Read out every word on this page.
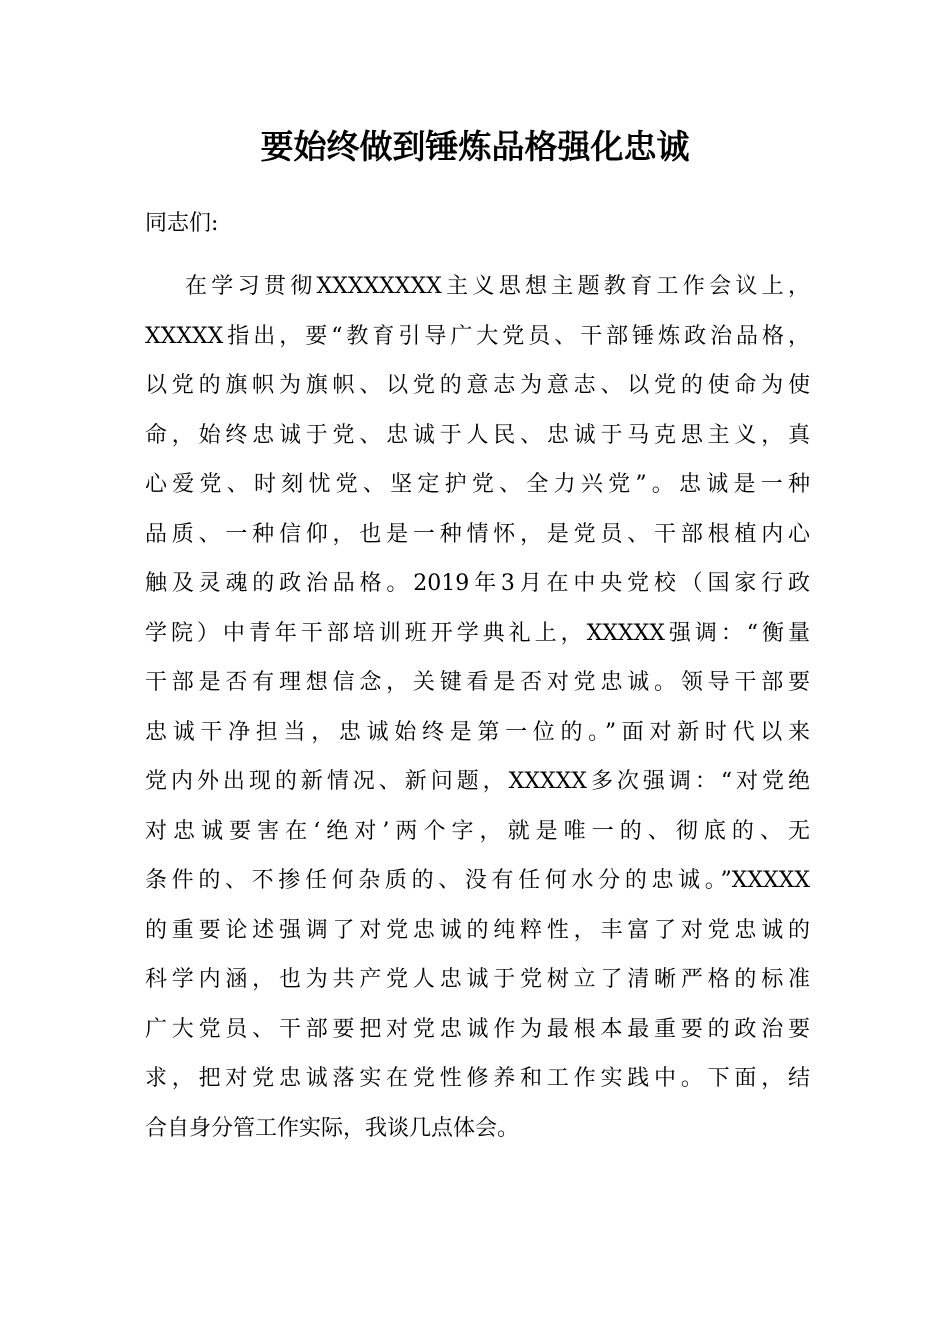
要始终做到锤炼品格强化忠诚
同志们:
在学习贯彻XXXXXXXX主义思想主题教育工作会议上，
XXXXX指出，要“教育引导广大党员、干部锤炼政治品格，
以党的旗帜为旗帜、以党的意志为意志、以党的使命为使
命，始终忠诚于党、忠诚于人民、忠诚于马克思主义，真
心爱党、时刻忧党、坚定护党、全力兴党”。忠诚是一种
品质、一种信仰，也是一种情怀，是党员、干部根植内心
触及灵魂的政治品格。2019年3月在中央党校（国家行政
学院）中青年干部培训班开学典礼上，XXXXX强调：“衡量
干部是否有理想信念，关键看是否对党忠诚。领导干部要
忠诚干净担当，忠诚始终是第一位的。”面对新时代以来
党内外出现的新情况、新问题，XXXXX多次强调：“对党绝
对忠诚要害在‘绝对’两个字，就是唯一的、彻底的、无
条件的、不掺任何杂质的、没有任何水分的忠诚。”XXXXX
的重要论述强调了对党忠诚的纯粹性，丰富了对党忠诚的
科学内涵，也为共产党人忠诚于党树立了清晰严格的标准
广大党员、干部要把对党忠诚作为最根本最重要的政治要
求，把对党忠诚落实在党性修养和工作实践中。下面，结
合自身分管工作实际，我谈几点体会。
